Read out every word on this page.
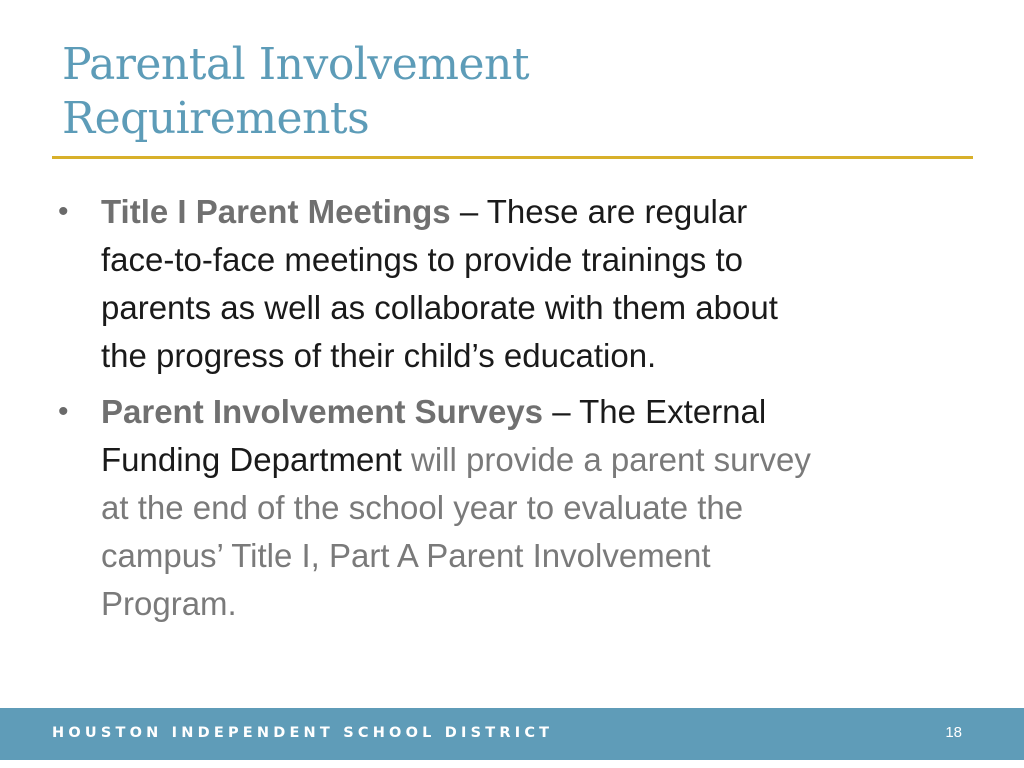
Parental Involvement
Requirements
• Title I Parent Meetings – These are regular
face-to-face meetings to provide trainings to
parents as well as collaborate with them about
the progress of their child’s education.
• Parent Involvement Surveys – The External
Funding Department will provide a parent survey
at the end of the school year to evaluate the
campus’ Title I, Part A Parent Involvement
Program.
HOUSTON INDEPENDENT SCHOOL DISTRICT	18
